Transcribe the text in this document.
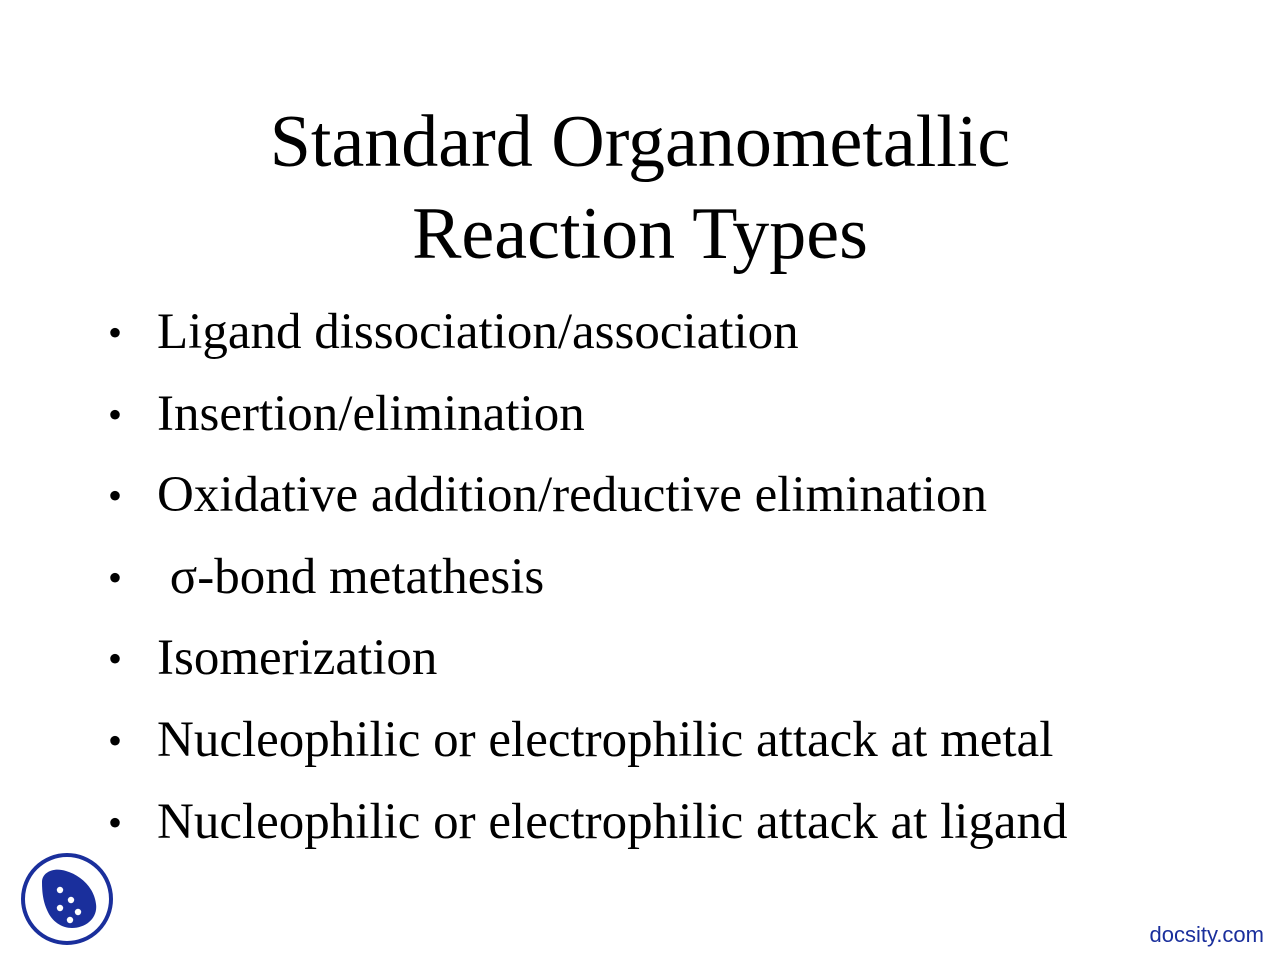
Standard Organometallic
Reaction Types
• Ligand dissociation/association
• Insertion/elimination
• Oxidative addition/reductive elimination
• σ-bond metathesis
• Isomerization
• Nucleophilic or electrophilic attack at metal
• Nucleophilic or electrophilic attack at ligand
docsity.com
